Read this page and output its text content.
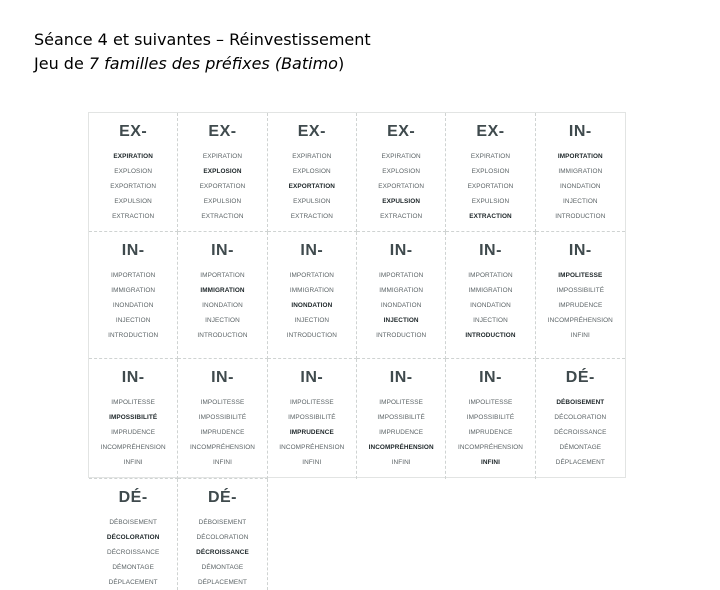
Séance 4 et suivantes – Réinvestissement
Jeu de 7 familles des préfixes (Batimo)
EX-
EXPIRATION
EXPLOSION
EXPORTATION
EXPULSION
EXTRACTION
EX-
EXPIRATION
EXPLOSION
EXPORTATION
EXPULSION
EXTRACTION
EX-
EXPIRATION
EXPLOSION
EXPORTATION
EXPULSION
EXTRACTION
EX-
EXPIRATION
EXPLOSION
EXPORTATION
EXPULSION
EXTRACTION
EX-
EXPIRATION
EXPLOSION
EXPORTATION
EXPULSION
EXTRACTION
IN-
IMPORTATION
IMMIGRATION
INONDATION
INJECTION
INTRODUCTION
IN-
IMPORTATION
IMMIGRATION
INONDATION
INJECTION
INTRODUCTION
IN-
IMPORTATION
IMMIGRATION
INONDATION
INJECTION
INTRODUCTION
IN-
IMPORTATION
IMMIGRATION
INONDATION
INJECTION
INTRODUCTION
IN-
IMPORTATION
IMMIGRATION
INONDATION
INJECTION
INTRODUCTION
IN-
IMPORTATION
IMMIGRATION
INONDATION
INJECTION
INTRODUCTION
IN-
IMPOLITESSE
IMPOSSIBILITÉ
IMPRUDENCE
INCOMPRÉHENSION
INFINI
IN-
IMPOLITESSE
IMPOSSIBILITÉ
IMPRUDENCE
INCOMPRÉHENSION
INFINI
IN-
IMPOLITESSE
IMPOSSIBILITÉ
IMPRUDENCE
INCOMPRÉHENSION
INFINI
IN-
IMPOLITESSE
IMPOSSIBILITÉ
IMPRUDENCE
INCOMPRÉHENSION
INFINI
IN-
IMPOLITESSE
IMPOSSIBILITÉ
IMPRUDENCE
INCOMPRÉHENSION
INFINI
IN-
IMPOLITESSE
IMPOSSIBILITÉ
IMPRUDENCE
INCOMPRÉHENSION
INFINI
DÉ-
DÉBOISEMENT
DÉCOLORATION
DÉCROISSANCE
DÉMONTAGE
DÉPLACEMENT
DÉ-
DÉBOISEMENT
DÉCOLORATION
DÉCROISSANCE
DÉMONTAGE
DÉPLACEMENT
DÉ-
DÉBOISEMENT
DÉCOLORATION
DÉCROISSANCE
DÉMONTAGE
DÉPLACEMENT
